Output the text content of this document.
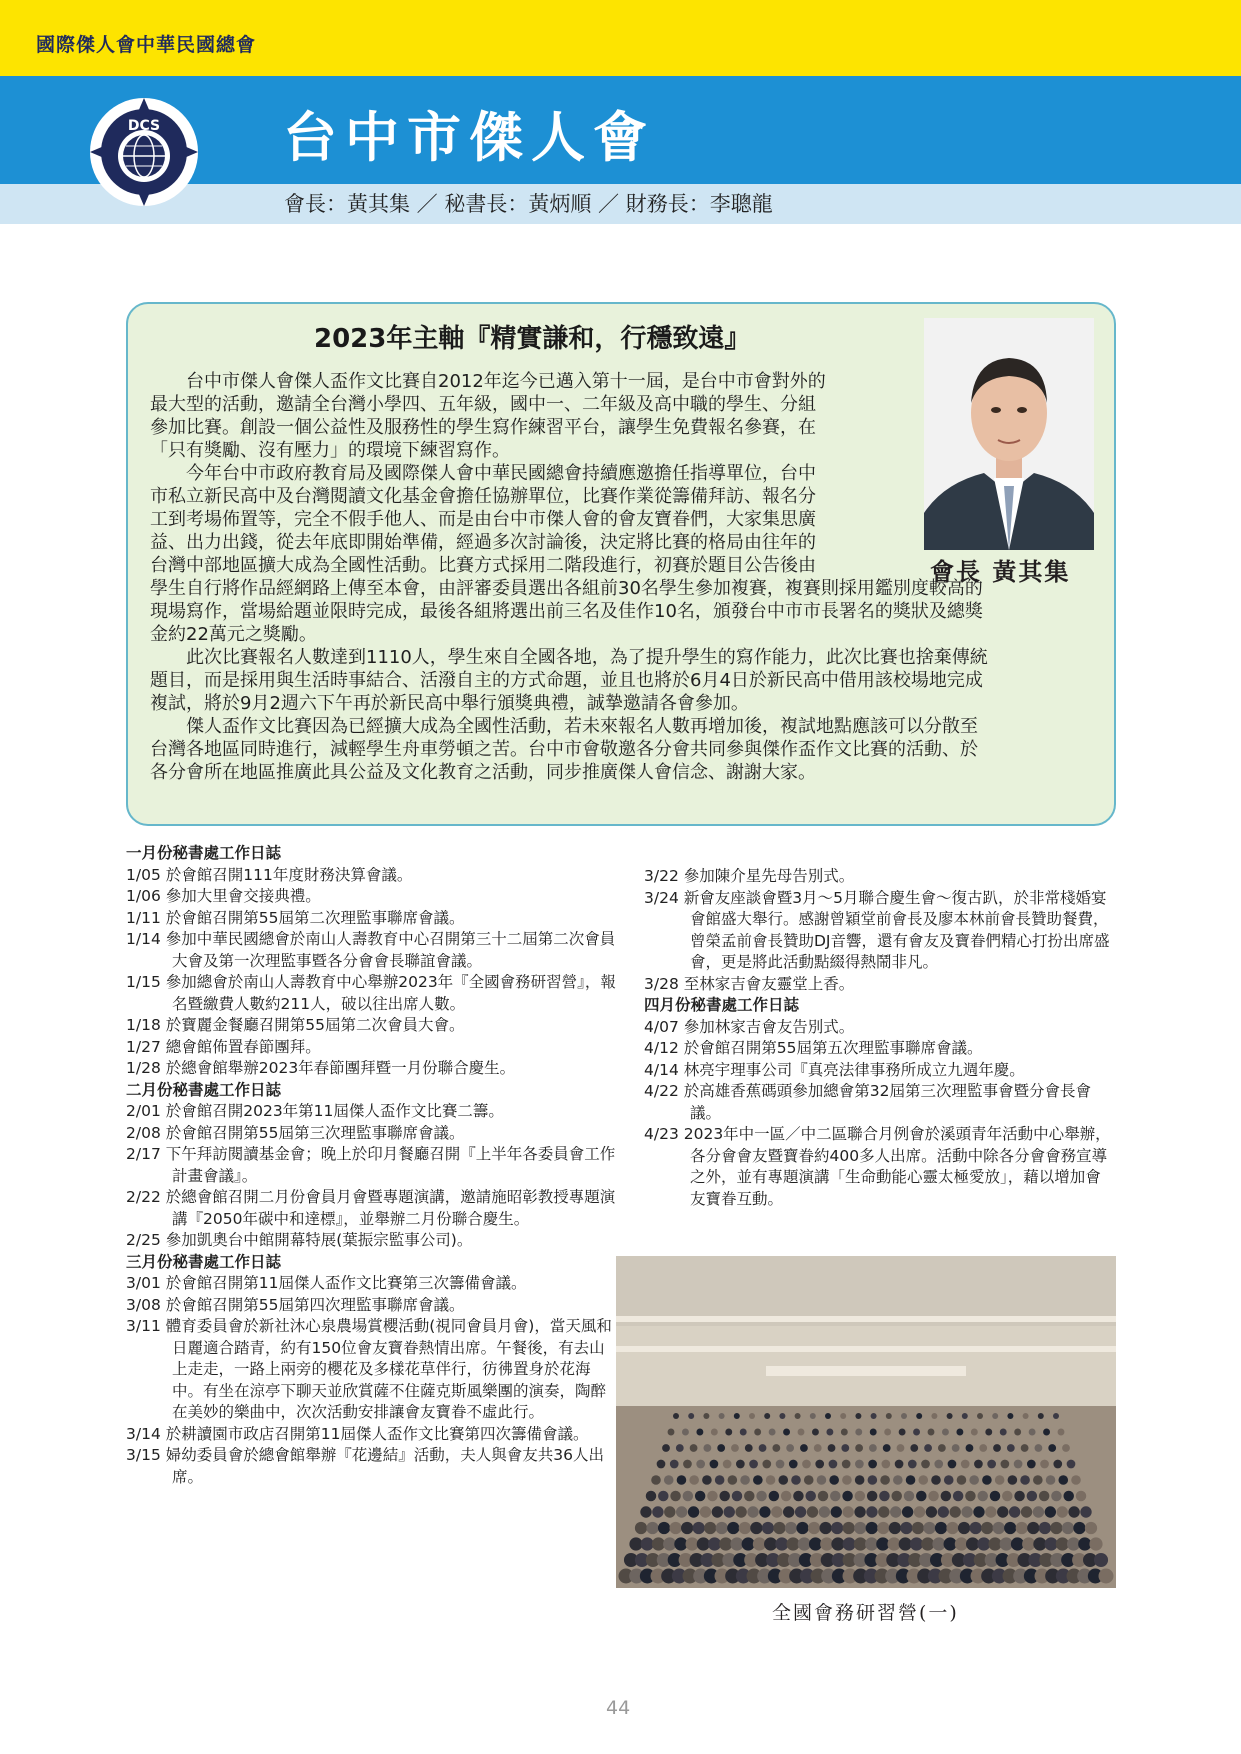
國際傑人會中華民國總會
DCS 台中市傑人會
會長：黃其集 ／ 秘書長：黃炳順 ／ 財務長：李聰龍
2023年主軸『精實謙和，行穩致遠』
會長 黃其集
　　台中市傑人會傑人盃作文比賽自2012年迄今已邁入第十一屆，是台中市會對外的
最大型的活動，邀請全台灣小學四、五年級，國中一、二年級及高中職的學生、分組
參加比賽。創設一個公益性及服務性的學生寫作練習平台，讓學生免費報名參賽，在
「只有獎勵、沒有壓力」的環境下練習寫作。
　　今年台中市政府教育局及國際傑人會中華民國總會持續應邀擔任指導單位，台中
市私立新民高中及台灣閱讀文化基金會擔任協辦單位，比賽作業從籌備拜訪、報名分
工到考場佈置等，完全不假手他人、而是由台中市傑人會的會友寶眷們，大家集思廣
益、出力出錢，從去年底即開始準備，經過多次討論後，決定將比賽的格局由往年的
台灣中部地區擴大成為全國性活動。比賽方式採用二階段進行，初賽於題目公告後由
學生自行將作品經網路上傳至本會，由評審委員選出各組前30名學生參加複賽，複賽則採用鑑別度較高的
現場寫作，當場給題並限時完成，最後各組將選出前三名及佳作10名，頒發台中市市長署名的獎狀及總獎
金約22萬元之獎勵。
　　此次比賽報名人數達到1110人，學生來自全國各地，為了提升學生的寫作能力，此次比賽也捨棄傳統
題目，而是採用與生活時事結合、活潑自主的方式命題，並且也將於6月4日於新民高中借用該校場地完成
複試，將於9月2週六下午再於新民高中舉行頒獎典禮，誠摯邀請各會參加。
　　傑人盃作文比賽因為已經擴大成為全國性活動，若未來報名人數再增加後，複試地點應該可以分散至
台灣各地區同時進行，減輕學生舟車勞頓之苦。台中市會敬邀各分會共同參與傑作盃作文比賽的活動、於
各分會所在地區推廣此具公益及文化教育之活動，同步推廣傑人會信念、謝謝大家。
一月份秘書處工作日誌
1/05 於會館召開111年度財務決算會議。
1/06 參加大里會交接典禮。
1/11 於會館召開第55屆第二次理監事聯席會議。
1/14 參加中華民國總會於南山人壽教育中心召開第三十二屆第二次會員大會及第一次理監事暨各分會會長聯誼會議。
1/15 參加總會於南山人壽教育中心舉辦2023年『全國會務研習營』，報名暨繳費人數約211人，破以往出席人數。
1/18 於寶麗金餐廳召開第55屆第二次會員大會。
1/27 總會館佈置春節團拜。
1/28 於總會館舉辦2023年春節團拜暨一月份聯合慶生。
二月份秘書處工作日誌
2/01 於會館召開2023年第11屆傑人盃作文比賽二籌。
2/08 於會館召開第55屆第三次理監事聯席會議。
2/17 下午拜訪閱讀基金會；晚上於印月餐廳召開『上半年各委員會工作計畫會議』。
2/22 於總會館召開二月份會員月會暨專題演講，邀請施昭彰教授專題演講『2050年碳中和達標』，並舉辦二月份聯合慶生。
2/25 參加凱奧台中館開幕特展(葉振宗監事公司)。
三月份秘書處工作日誌
3/01 於會館召開第11屆傑人盃作文比賽第三次籌備會議。
3/08 於會館召開第55屆第四次理監事聯席會議。
3/11 體育委員會於新社沐心泉農場賞櫻活動(視同會員月會)，當天風和日麗適合踏青，約有150位會友寶眷熱情出席。午餐後，有去山上走走，一路上兩旁的櫻花及多樣花草伴行，彷彿置身於花海中。有坐在涼亭下聊天並欣賞薩不住薩克斯風樂團的演奏，陶醉在美妙的樂曲中，次次活動安排讓會友寶眷不虛此行。
3/14 於耕讀園市政店召開第11屆傑人盃作文比賽第四次籌備會議。
3/15 婦幼委員會於總會館舉辦『花邊結』活動，夫人與會友共36人出席。
3/22 參加陳介星先母告別式。
3/24 新會友座談會暨3月～5月聯合慶生會～復古趴，於非常棧婚宴會館盛大舉行。感謝曾穎堂前會長及廖本林前會長贊助餐費，曾榮孟前會長贊助DJ音響，還有會友及寶眷們精心打扮出席盛會，更是將此活動點綴得熱鬧非凡。
3/28 至林家吉會友靈堂上香。
四月份秘書處工作日誌
4/07 參加林家吉會友告別式。
4/12 於會館召開第55屆第五次理監事聯席會議。
4/14 林亮宇理事公司『真亮法律事務所成立九週年慶。
4/22 於高雄香蕉碼頭參加總會第32屆第三次理監事會暨分會長會議。
4/23 2023年中一區／中二區聯合月例會於溪頭青年活動中心舉辦，各分會會友暨寶眷約400多人出席。活動中除各分會會務宣導之外，並有專題演講「生命動能心靈太極愛放」，藉以增加會友寶眷互動。
全國會務研習營(一)
44
